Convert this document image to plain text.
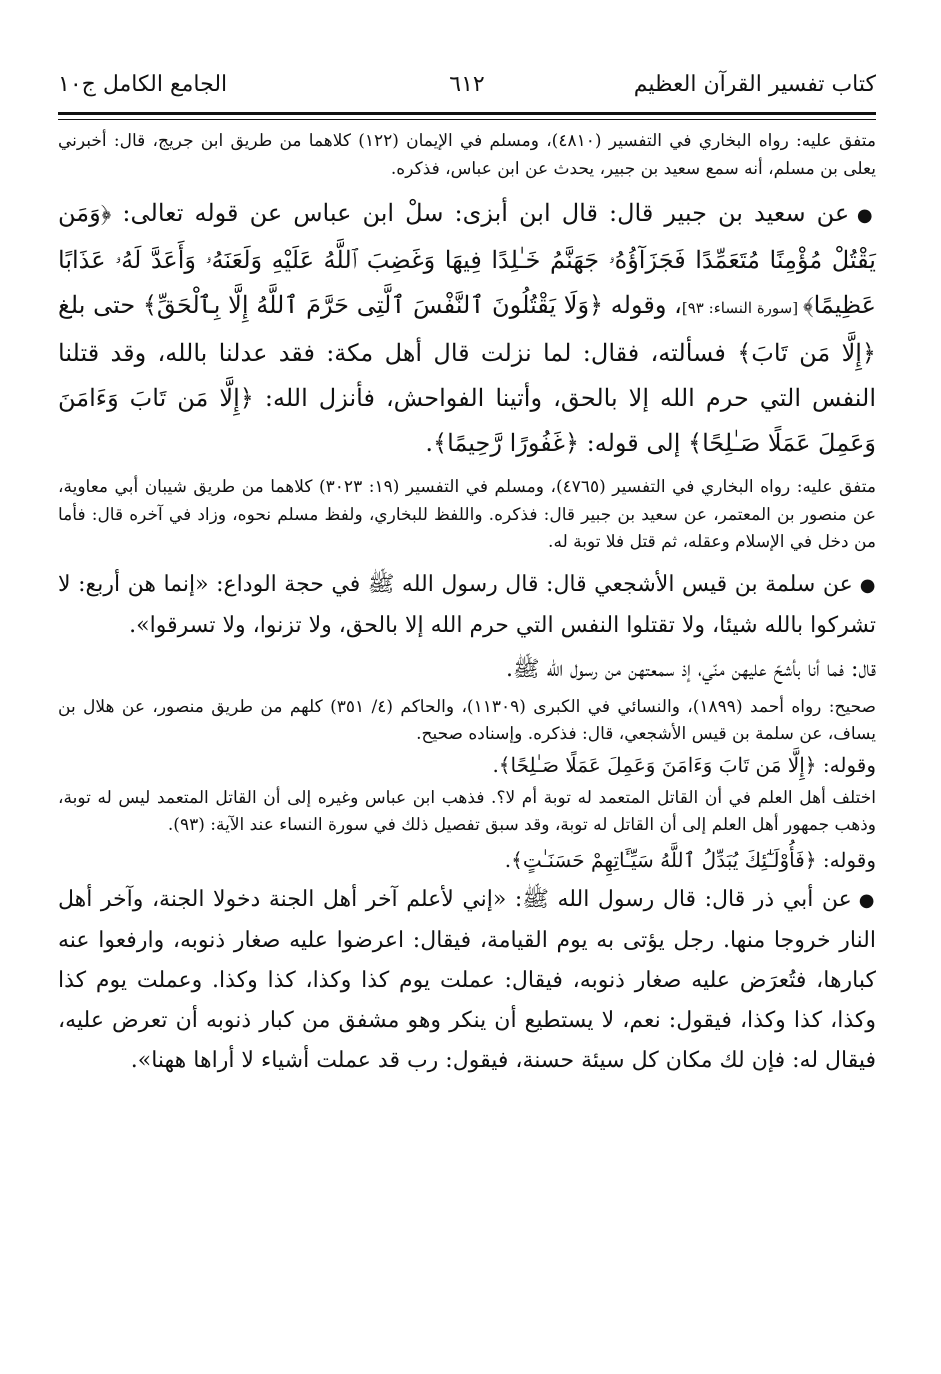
كتاب تفسير القرآن العظيم
٦١٢
الجامع الكامل ج١٠

متفق عليه: رواه البخاري في التفسير (٤٨١٠)، ومسلم في الإيمان (١٢٢) كلاهما من طريق ابن جريج، قال: أخبرني يعلى بن مسلم، أنه سمع سعيد بن جبير، يحدث عن ابن عباس، فذكره.

● عن سعيد بن جبير قال: قال ابن أبزى: سلْ ابن عباس عن قوله تعالى: ﴿وَمَن يَقْتُلْ مُؤْمِنًا مُتَعَمِّدًا فَجَزَآؤُهُۥ جَهَنَّمُ خَـٰلِدًا فِيهَا وَغَضِبَ ٱللَّهُ عَلَيْهِ وَلَعَنَهُۥ وَأَعَدَّ لَهُۥ عَذَابًا عَظِيمًا﴾ [سورة النساء: ٩٣]، وقوله ﴿وَلَا يَقْتُلُونَ ٱلنَّفْسَ ٱلَّتِى حَرَّمَ ٱللَّهُ إِلَّا بِٱلْحَقِّ﴾ حتى بلغ ﴿إِلَّا مَن تَابَ﴾ فسألته، فقال: لما نزلت قال أهل مكة: فقد عدلنا بالله، وقد قتلنا النفس التي حرم الله إلا بالحق، وأتينا الفواحش، فأنزل الله: ﴿إِلَّا مَن تَابَ وَءَامَنَ وَعَمِلَ عَمَلًا صَـٰلِحًا﴾ إلى قوله: ﴿غَفُورًا رَّحِيمًا﴾.

متفق عليه: رواه البخاري في التفسير (٤٧٦٥)، ومسلم في التفسير (١٩: ٣٠٢٣) كلاهما من طريق شيبان أبي معاوية، عن منصور بن المعتمر، عن سعيد بن جبير قال: فذكره. واللفظ للبخاري، ولفظ مسلم نحوه، وزاد في آخره قال: فأما من دخل في الإسلام وعقله، ثم قتل فلا توبة له.

● عن سلمة بن قيس الأشجعي قال: قال رسول الله ﷺ في حجة الوداع: «إنما هن أربع: لا تشركوا بالله شيئا، ولا تقتلوا النفس التي حرم الله إلا بالحق، ولا تزنوا، ولا تسرقوا».

قال: فما أنا بأشحّ عليهن منّي، إذ سمعتهن من رسول الله ﷺ.

صحيح: رواه أحمد (١٨٩٩)، والنسائي في الكبرى (١١٣٠٩)، والحاكم (٤/ ٣٥١) كلهم من طريق منصور، عن هلال بن يساف، عن سلمة بن قيس الأشجعي، قال: فذكره. وإسناده صحيح.

وقوله: ﴿إِلَّا مَن تَابَ وَءَامَنَ وَعَمِلَ عَمَلًا صَـٰلِحًا﴾.

اختلف أهل العلم في أن القاتل المتعمد له توبة أم لا؟. فذهب ابن عباس وغيره إلى أن القاتل المتعمد ليس له توبة، وذهب جمهور أهل العلم إلى أن القاتل له توبة، وقد سبق تفصيل ذلك في سورة النساء عند الآية: (٩٣).

وقوله: ﴿فَأُوْلَـٰٓئِكَ يُبَدِّلُ ٱللَّهُ سَيِّـَٔاتِهِمْ حَسَنَـٰتٍ﴾.

● عن أبي ذر قال: قال رسول الله ﷺ: «إني لأعلم آخر أهل الجنة دخولا الجنة، وآخر أهل النار خروجا منها. رجل يؤتى به يوم القيامة، فيقال: اعرضوا عليه صغار ذنوبه، وارفعوا عنه كبارها، فتُعرَض عليه صغار ذنوبه، فيقال: عملت يوم كذا وكذا، كذا وكذا. وعملت يوم كذا وكذا، كذا وكذا، فيقول: نعم، لا يستطيع أن ينكر وهو مشفق من كبار ذنوبه أن تعرض عليه، فيقال له: فإن لك مكان كل سيئة حسنة، فيقول: رب قد عملت أشياء لا أراها ههنا».
